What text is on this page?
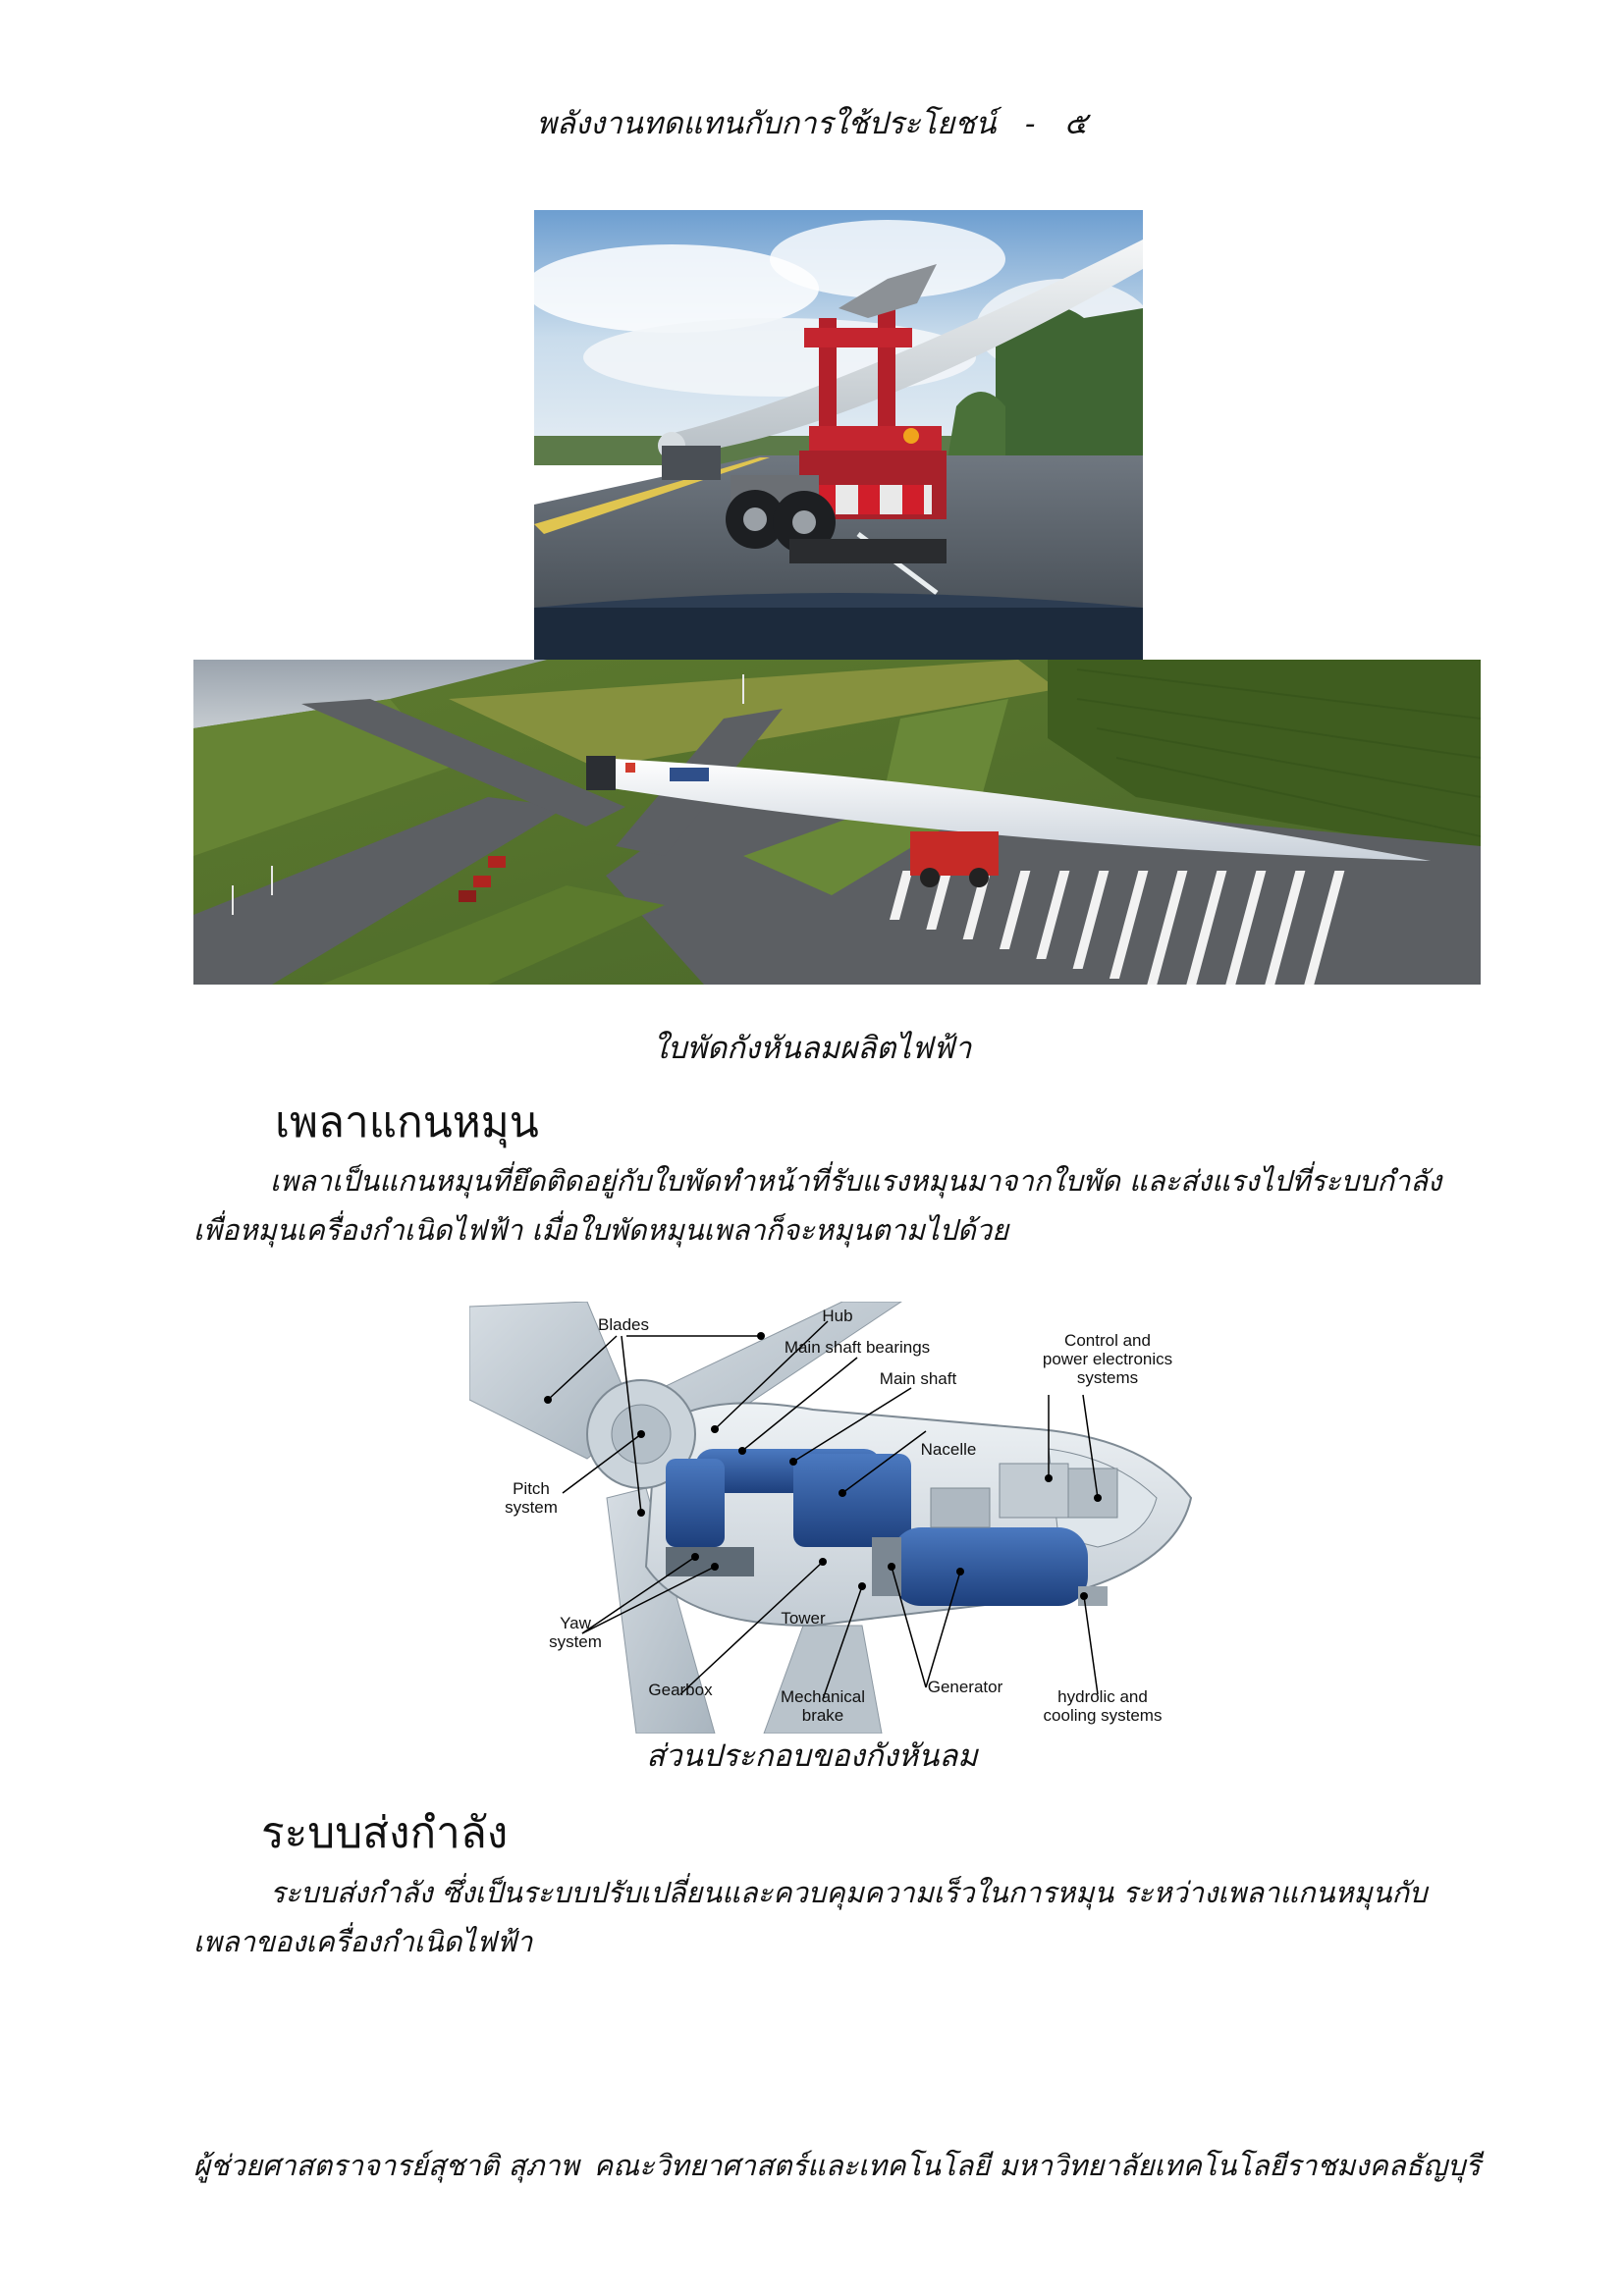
พลังงานทดแทนกับการใช้ประโยชน์ - ๕
ใบพัดกังหันลมผลิตไฟฟ้า
เพลาแกนหมุน
เพลาเป็นแกนหมุนที่ยึดติดอยู่กับใบพัดทำหน้าที่รับแรงหมุนมาจากใบพัด และส่งแรงไปที่ระบบกำลังเพื่อหมุนเครื่องกำเนิดไฟฟ้า เมื่อใบพัดหมุนเพลาก็จะหมุนตามไปด้วย
Blades	Hub
Main shaft bearings
Main shaft
Control and
power electronics
systems
Nacelle
Pitch
system
Yaw
system
Tower
Gearbox	Mechanical
brake
Generator
hydrolic and
cooling systems
ส่วนประกอบของกังหันลม
ระบบส่งกำลัง
ระบบส่งกำลัง ซึ่งเป็นระบบปรับเปลี่ยนและควบคุมความเร็วในการหมุน ระหว่างเพลาแกนหมุนกับเพลาของเครื่องกำเนิดไฟฟ้า
ผู้ช่วยศาสตราจารย์สุชาติ สุภาพ คณะวิทยาศาสตร์และเทคโนโลยี มหาวิทยาลัยเทคโนโลยีราชมงคลธัญบุรี
